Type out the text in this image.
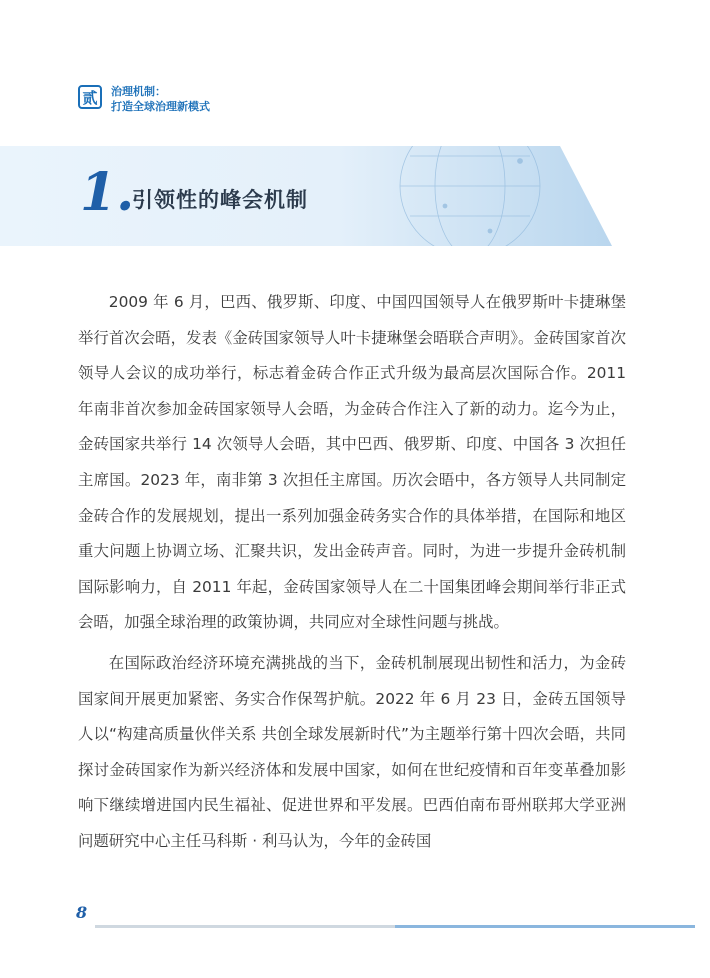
贰	治理机制：
打造全球治理新模式
1.
引领性的峰会机制

2009 年 6 月，巴西、俄罗斯、印度、中国四国领导人在俄罗斯叶卡捷琳堡举行首次会晤，发表《金砖国家领导人叶卡捷琳堡会晤联合声明》。金砖国家首次领导人会议的成功举行，标志着金砖合作正式升级为最高层次国际合作。2011 年南非首次参加金砖国家领导人会晤，为金砖合作注入了新的动力。迄今为止，金砖国家共举行 14 次领导人会晤，其中巴西、俄罗斯、印度、中国各 3 次担任主席国。2023 年，南非第 3 次担任主席国。历次会晤中，各方领导人共同制定金砖合作的发展规划，提出一系列加强金砖务实合作的具体举措，在国际和地区重大问题上协调立场、汇聚共识，发出金砖声音。同时，为进一步提升金砖机制国际影响力，自 2011 年起，金砖国家领导人在二十国集团峰会期间举行非正式会晤，加强全球治理的政策协调，共同应对全球性问题与挑战。

在国际政治经济环境充满挑战的当下，金砖机制展现出韧性和活力，为金砖国家间开展更加紧密、务实合作保驾护航。2022 年 6 月 23 日，金砖五国领导人以“构建高质量伙伴关系 共创全球发展新时代”为主题举行第十四次会晤，共同探讨金砖国家作为新兴经济体和发展中国家，如何在世纪疫情和百年变革叠加影响下继续增进国内民生福祉、促进世界和平发展。巴西伯南布哥州联邦大学亚洲问题研究中心主任马科斯 · 利马认为，今年的金砖国

8
